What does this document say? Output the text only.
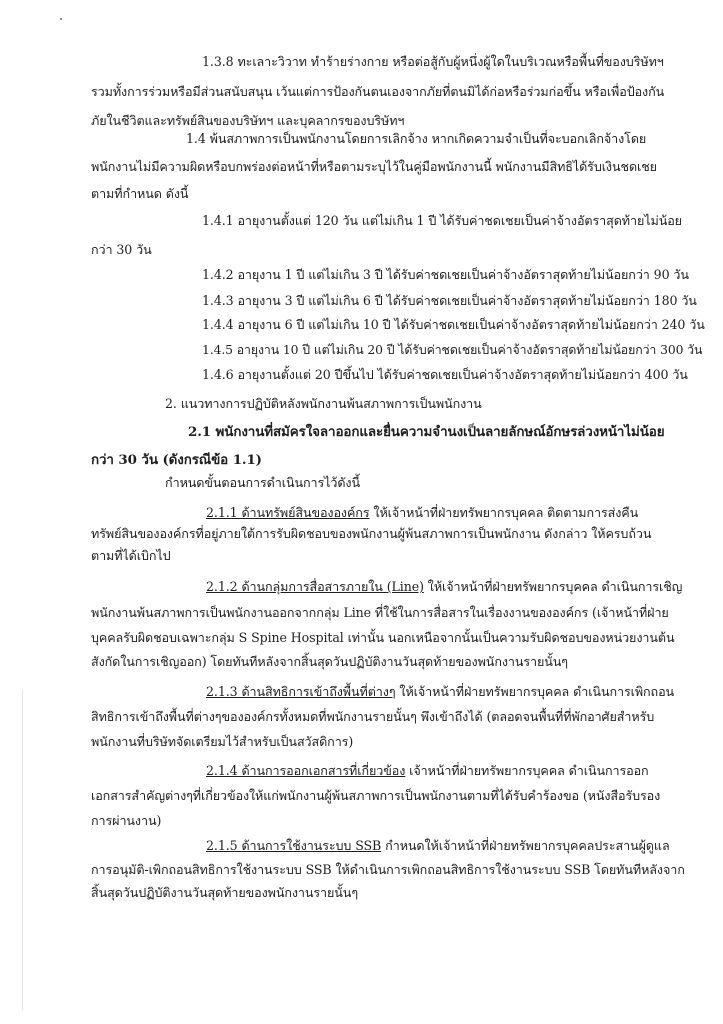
1.3.8 ทะเลาะวิวาท ทำร้ายร่างกาย หรือต่อสู้กับผู้หนึ่งผู้ใดในบริเวณหรือพื้นที่ของบริษัทฯ
รวมทั้งการร่วมหรือมีส่วนสนับสนุน เว้นแต่การป้องกันตนเองจากภัยที่ตนมิได้ก่อหรือร่วมก่อขึ้น หรือเพื่อป้องกัน
ภัยในชีวิตและทรัพย์สินของบริษัทฯ และบุคลากรของบริษัทฯ
1.4 พ้นสภาพการเป็นพนักงานโดยการเลิกจ้าง หากเกิดความจำเป็นที่จะบอกเลิกจ้างโดย
พนักงานไม่มีความผิดหรือบกพร่องต่อหน้าที่หรือตามระบุไว้ในคู่มือพนักงานนี้ พนักงานมีสิทธิได้รับเงินชดเชย
ตามที่กำหนด ดังนี้
1.4.1 อายุงานตั้งแต่ 120 วัน แต่ไม่เกิน 1 ปี ได้รับค่าชดเชยเป็นค่าจ้างอัตราสุดท้ายไม่น้อย
กว่า 30 วัน
1.4.2 อายุงาน 1 ปี แต่ไม่เกิน 3 ปี ได้รับค่าชดเชยเป็นค่าจ้างอัตราสุดท้ายไม่น้อยกว่า 90 วัน
1.4.3 อายุงาน 3 ปี แต่ไม่เกิน 6 ปี ได้รับค่าชดเชยเป็นค่าจ้างอัตราสุดท้ายไม่น้อยกว่า 180 วัน
1.4.4 อายุงาน 6 ปี แต่ไม่เกิน 10 ปี ได้รับค่าชดเชยเป็นค่าจ้างอัตราสุดท้ายไม่น้อยกว่า 240 วัน
1.4.5 อายุงาน 10 ปี แต่ไม่เกิน 20 ปี ได้รับค่าชดเชยเป็นค่าจ้างอัตราสุดท้ายไม่น้อยกว่า 300 วัน
1.4.6 อายุงานตั้งแต่ 20 ปีขึ้นไป ได้รับค่าชดเชยเป็นค่าจ้างอัตราสุดท้ายไม่น้อยกว่า 400 วัน
2. แนวทางการปฏิบัติหลังพนักงานพ้นสภาพการเป็นพนักงาน
2.1 พนักงานที่สมัครใจลาออกและยื่นความจำนงเป็นลายลักษณ์อักษรล่วงหน้าไม่น้อย
กว่า 30 วัน (ดังกรณีข้อ 1.1)
กำหนดขั้นตอนการดำเนินการไว้ดังนี้
2.1.1 ด้านทรัพย์สินขององค์กร ให้เจ้าหน้าที่ฝ่ายทรัพยากรบุคคล ติดตามการส่งคืน
ทรัพย์สินขององค์กรที่อยู่ภายใต้การรับผิดชอบของพนักงานผู้พ้นสภาพการเป็นพนักงาน ดังกล่าว ให้ครบถ้วน
ตามที่ได้เบิกไป
2.1.2 ด้านกลุ่มการสื่อสารภายใน (Line) ให้เจ้าหน้าที่ฝ่ายทรัพยากรบุคคล ดำเนินการเชิญ
พนักงานพ้นสภาพการเป็นพนักงานออกจากกลุ่ม Line ที่ใช้ในการสื่อสารในเรื่องงานขององค์กร (เจ้าหน้าที่ฝ่าย
บุคคลรับผิดชอบเฉพาะกลุ่ม S Spine Hospital เท่านั้น นอกเหนือจากนั้นเป็นความรับผิดชอบของหน่วยงานต้น
สังกัดในการเชิญออก) โดยทันทีหลังจากสิ้นสุดวันปฏิบัติงานวันสุดท้ายของพนักงานรายนั้นๆ
2.1.3 ด้านสิทธิการเข้าถึงพื้นที่ต่างๆ ให้เจ้าหน้าที่ฝ่ายทรัพยากรบุคคล ดำเนินการเพิกถอน
สิทธิการเข้าถึงพื้นที่ต่างๆขององค์กรทั้งหมดที่พนักงานรายนั้นๆ พึงเข้าถึงได้ (ตลอดจนพื้นที่ที่พักอาศัยสำหรับ
พนักงานที่บริษัทจัดเตรียมไว้สำหรับเป็นสวัสดิการ)
2.1.4 ด้านการออกเอกสารที่เกี่ยวข้อง เจ้าหน้าที่ฝ่ายทรัพยากรบุคคล ดำเนินการออก
เอกสารสำคัญต่างๆที่เกี่ยวข้องให้แก่พนักงานผู้พ้นสภาพการเป็นพนักงานตามที่ได้รับคำร้องขอ (หนังสือรับรอง
การผ่านงาน)
2.1.5 ด้านการใช้งานระบบ SSB กำหนดให้เจ้าหน้าที่ฝ่ายทรัพยากรบุคคลประสานผู้ดูแล
การอนุมัติ-เพิกถอนสิทธิการใช้งานระบบ SSB ให้ดำเนินการเพิกถอนสิทธิการใช้งานระบบ SSB โดยทันทีหลังจาก
สิ้นสุดวันปฏิบัติงานวันสุดท้ายของพนักงานรายนั้นๆ
